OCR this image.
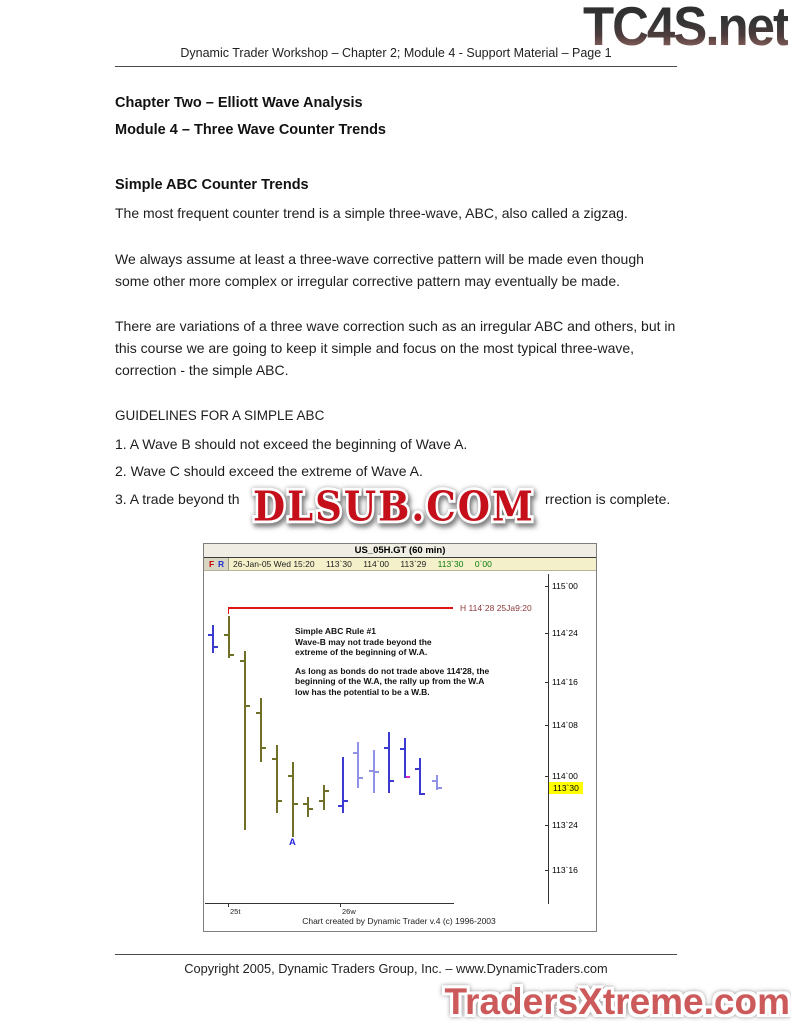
TC4S.net
Dynamic Trader Workshop – Chapter 2; Module 4 - Support Material – Page 1
Chapter Two – Elliott Wave Analysis
Module 4 – Three Wave Counter Trends
Simple ABC Counter Trends
The most frequent counter trend is a simple three-wave, ABC, also called a zigzag.
We always assume at least a three-wave corrective pattern will be made even though some other more complex or irregular corrective pattern may eventually be made.
There are variations of a three wave correction such as an irregular ABC and others, but in this course we are going to keep it simple and focus on the most typical three-wave, correction - the simple ABC.
GUIDELINES FOR A SIMPLE ABC
1. A Wave B should not exceed the beginning of Wave A.
2. Wave C should exceed the extreme of Wave A.
3. A trade beyond th	rrection is complete.
DLSUB.COM
US_05H.GT (60 min)
F R 26-Jan-05 Wed 15:20 113`30 114`00 113`29 113`30 0`00
H 114`28 25Ja9:20
Simple ABC Rule #1
Wave-B may not trade beyond the
extreme of the beginning of W.A.
As long as bonds do not trade above 114'28, the
beginning of the W.A, the rally up from the W.A
low has the potential to be a W.B.
A
Chart created by Dynamic Trader v.4 (c) 1996-2003
115`00
114`24
114`16
114`08
114`00
113`24
113`16
113`30
25t	26w
Copyright 2005, Dynamic Traders Group, Inc. – www.DynamicTraders.com
TradersXtreme.com
